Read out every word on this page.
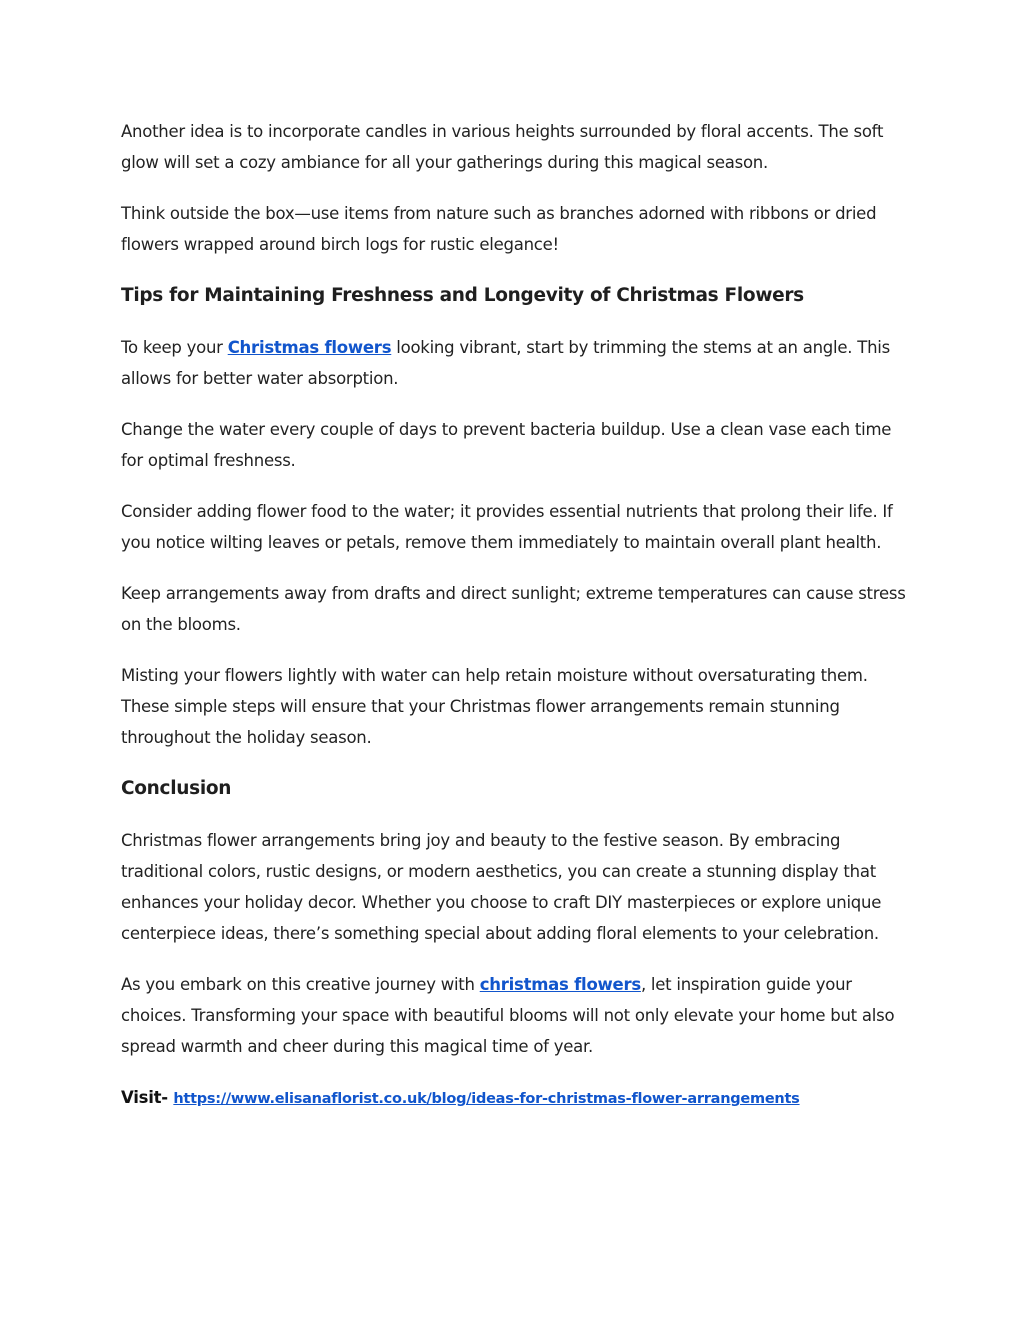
Another idea is to incorporate candles in various heights surrounded by floral accents. The soft glow will set a cozy ambiance for all your gatherings during this magical season.

Think outside the box—use items from nature such as branches adorned with ribbons or dried flowers wrapped around birch logs for rustic elegance!

Tips for Maintaining Freshness and Longevity of Christmas Flowers

To keep your Christmas flowers looking vibrant, start by trimming the stems at an angle. This allows for better water absorption.

Change the water every couple of days to prevent bacteria buildup. Use a clean vase each time for optimal freshness.

Consider adding flower food to the water; it provides essential nutrients that prolong their life. If you notice wilting leaves or petals, remove them immediately to maintain overall plant health.

Keep arrangements away from drafts and direct sunlight; extreme temperatures can cause stress on the blooms.

Misting your flowers lightly with water can help retain moisture without oversaturating them. These simple steps will ensure that your Christmas flower arrangements remain stunning throughout the holiday season.

Conclusion

Christmas flower arrangements bring joy and beauty to the festive season. By embracing traditional colors, rustic designs, or modern aesthetics, you can create a stunning display that enhances your holiday decor. Whether you choose to craft DIY masterpieces or explore unique centerpiece ideas, there’s something special about adding floral elements to your celebration.

As you embark on this creative journey with christmas flowers, let inspiration guide your choices. Transforming your space with beautiful blooms will not only elevate your home but also spread warmth and cheer during this magical time of year.

Visit- https://www.elisanaflorist.co.uk/blog/ideas-for-christmas-flower-arrangements
